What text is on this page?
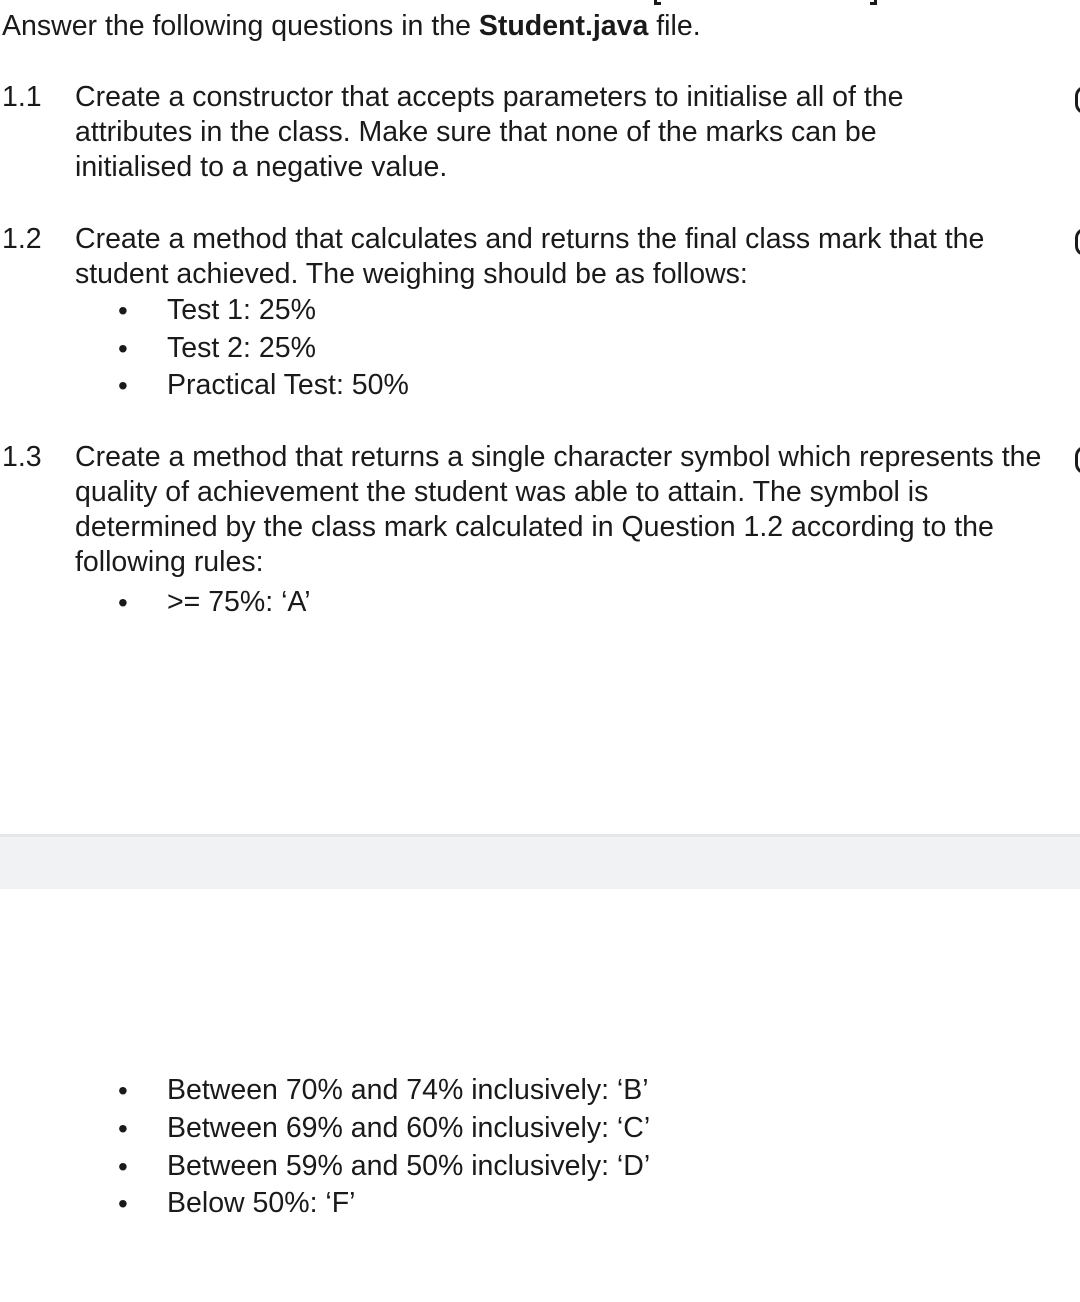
Answer the following questions in the Student.java file.
1.1 Create a constructor that accepts parameters to initialise all of the attributes in the class. Make sure that none of the marks can be initialised to a negative value.

1.2 Create a method that calculates and returns the final class mark that the student achieved. The weighing should be as follows:

• Test 1: 25%
• Test 2: 25%
• Practical Test: 50%
1.3 Create a method that returns a single character symbol which represents the quality of achievement the student was able to attain. The symbol is determined by the class mark calculated in Question 1.2 according to the following rules:

• >= 75%: ‘A’
• Between 70% and 74% inclusively: ‘B’
• Between 69% and 60% inclusively: ‘C’
• Between 59% and 50% inclusively: ‘D’
• Below 50%: ‘F’
